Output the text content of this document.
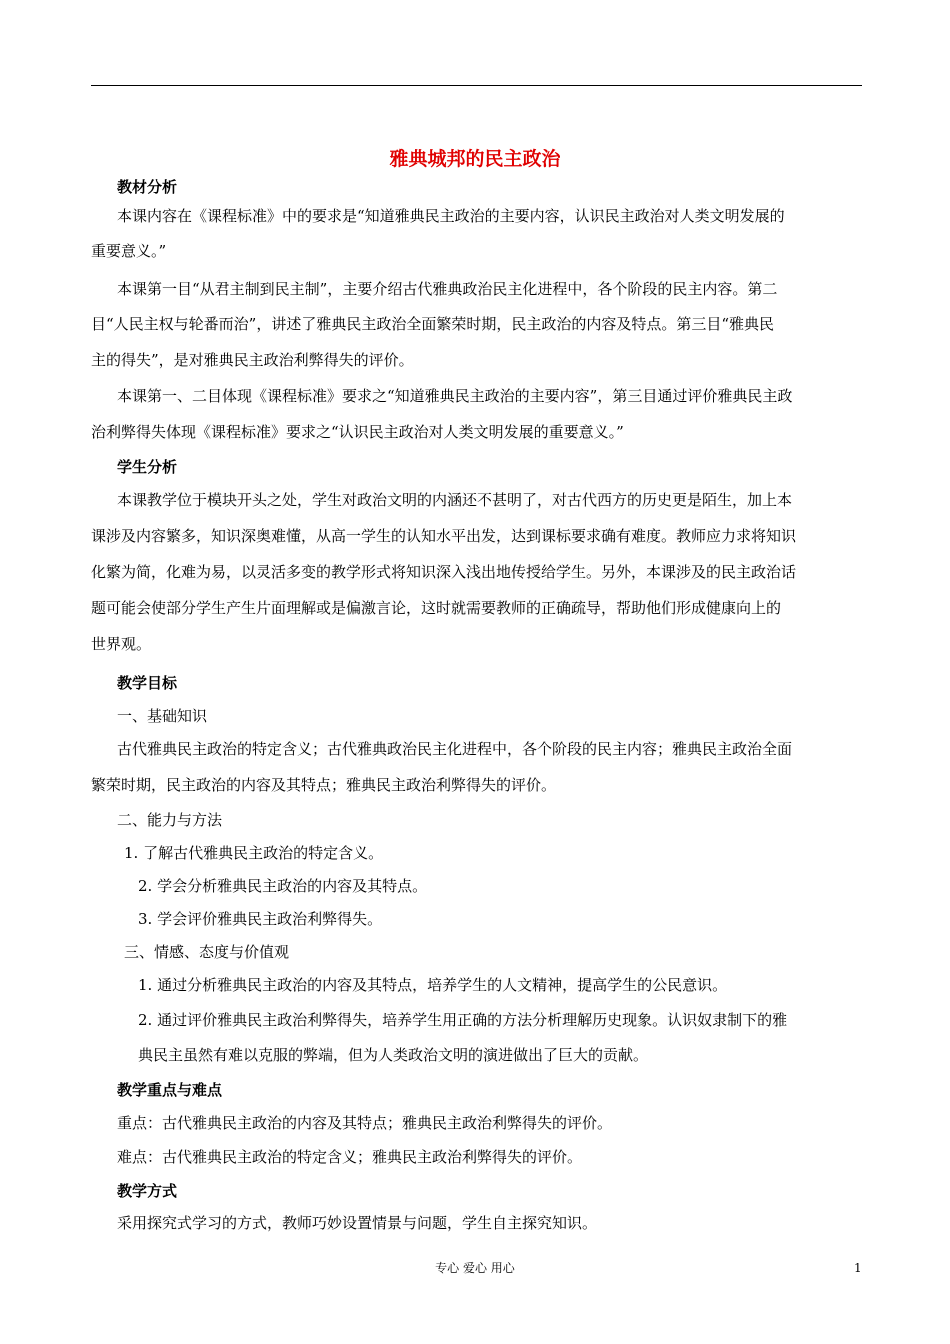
雅典城邦的民主政治
教材分析
本课内容在《课程标准》中的要求是“知道雅典民主政治的主要内容，认识民主政治对人类文明发展的
重要意义。”
本课第一目“从君主制到民主制”，主要介绍古代雅典政治民主化进程中，各个阶段的民主内容。第二
目“人民主权与轮番而治”，讲述了雅典民主政治全面繁荣时期，民主政治的内容及特点。第三目“雅典民
主的得失”，是对雅典民主政治利弊得失的评价。
本课第一、二目体现《课程标准》要求之“知道雅典民主政治的主要内容”，第三目通过评价雅典民主政
治利弊得失体现《课程标准》要求之“认识民主政治对人类文明发展的重要意义。”
学生分析
本课教学位于模块开头之处，学生对政治文明的内涵还不甚明了，对古代西方的历史更是陌生，加上本
课涉及内容繁多，知识深奥难懂，从高一学生的认知水平出发，达到课标要求确有难度。教师应力求将知识
化繁为简，化难为易，以灵活多变的教学形式将知识深入浅出地传授给学生。另外，本课涉及的民主政治话
题可能会使部分学生产生片面理解或是偏激言论，这时就需要教师的正确疏导，帮助他们形成健康向上的
世界观。
教学目标
一、基础知识
古代雅典民主政治的特定含义；古代雅典政治民主化进程中，各个阶段的民主内容；雅典民主政治全面
繁荣时期，民主政治的内容及其特点；雅典民主政治利弊得失的评价。
二、能力与方法
1. 了解古代雅典民主政治的特定含义。
2. 学会分析雅典民主政治的内容及其特点。
3. 学会评价雅典民主政治利弊得失。
三、情感、态度与价值观
1. 通过分析雅典民主政治的内容及其特点，培养学生的人文精神，提高学生的公民意识。
2. 通过评价雅典民主政治利弊得失，培养学生用正确的方法分析理解历史现象。认识奴隶制下的雅
典民主虽然有难以克服的弊端，但为人类政治文明的演进做出了巨大的贡献。
教学重点与难点
重点：古代雅典民主政治的内容及其特点；雅典民主政治利弊得失的评价。
难点：古代雅典民主政治的特定含义；雅典民主政治利弊得失的评价。
教学方式
采用探究式学习的方式，教师巧妙设置情景与问题，学生自主探究知识。
专心 爱心 用心	1
